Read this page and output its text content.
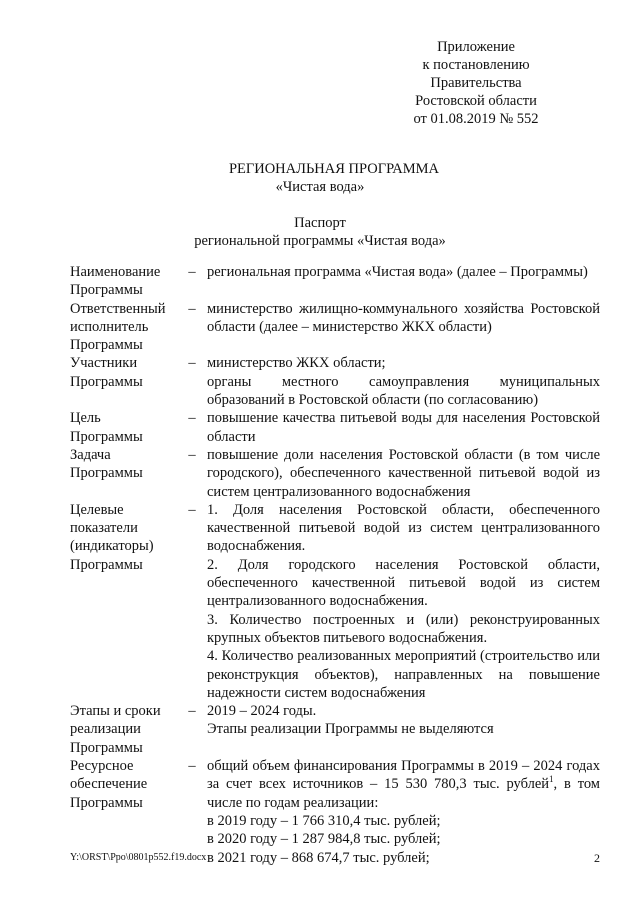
Приложение
к постановлению
Правительства
Ростовской области
от 01.08.2019 № 552
РЕГИОНАЛЬНАЯ ПРОГРАММА
«Чистая вода»
Паспорт
региональной программы «Чистая вода»
Наименование Программы	–	региональная программа «Чистая вода» (далее – Программы)

Ответственный исполнитель Программы	–	министерство жилищно-коммунального хозяйства Ростовской области (далее – министерство ЖКХ области)

Участники Программы	–	министерство ЖКХ области;
органы местного самоуправления муниципальных образований в Ростовской области (по согласованию)

Цель Программы	–	повышение качества питьевой воды для населения Ростовской области

Задача Программы	–	повышение доли населения Ростовской области (в том числе городского), обеспеченного качественной питьевой водой из систем централизованного водоснабжения

Целевые показатели (индикаторы) Программы	–	1. Доля населения Ростовской области, обеспеченного качественной питьевой водой из систем централизованного водоснабжения.
2. Доля городского населения Ростовской области, обеспеченного качественной питьевой водой из систем централизованного водоснабжения.
3. Количество построенных и (или) реконструированных крупных объектов питьевого водоснабжения.
4. Количество реализованных мероприятий (строительство или реконструкция объектов), направленных на повышение надежности систем водоснабжения

Этапы и сроки реализации Программы	–	2019 – 2024 годы.
Этапы реализации Программы не выделяются

Ресурсное обеспечение Программы	–	общий объем финансирования Программы в 2019 – 2024 годах за счет всех источников – 15 530 780,3 тыс. рублей$^1$, в том числе по годам реализации:
в 2019 году – 1 766 310,4 тыс. рублей;
в 2020 году – 1 287 984,8 тыс. рублей;
в 2021 году – 868 674,7 тыс. рублей;
Y:\ORST\Ppo\0801p552.f19.docx	2
